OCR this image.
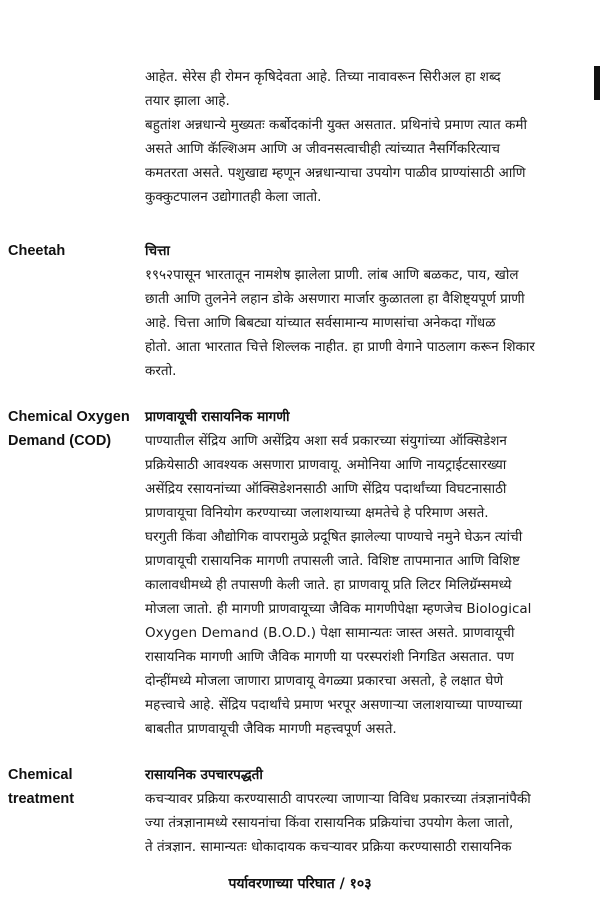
आहेत. सेरेस ही रोमन कृषिदेवता आहे. तिच्या नावावरून सिरीअल हा शब्द
तयार झाला आहे.
बहुतांश अन्नधान्ये मुख्यतः कर्बोदकांनी युक्त असतात. प्रथिनांचे प्रमाण त्यात कमी
असते आणि कॅल्शिअम आणि अ जीवनसत्वाचीही त्यांच्यात नैसर्गिकरित्याच
कमतरता असते. पशुखाद्य म्हणून अन्नधान्याचा उपयोग पाळीव प्राण्यांसाठी आणि
कुक्कुटपालन उद्योगातही केला जातो.
Cheetah	चित्ता
१९५२पासून भारतातून नामशेष झालेला प्राणी. लांब आणि बळकट, पाय, खोल
छाती आणि तुलनेने लहान डोके असणारा मार्जार कुळातला हा वैशिष्ट्यपूर्ण प्राणी
आहे. चित्ता आणि बिबट्या यांच्यात सर्वसामान्य माणसांचा अनेकदा गोंधळ
होतो. आता भारतात चित्ते शिल्लक नाहीत. हा प्राणी वेगाने पाठलाग करून शिकार
करतो.
Chemical Oxygen
Demand (COD)
प्राणवायूची रासायनिक मागणी
पाण्यातील सेंद्रिय आणि असेंद्रिय अशा सर्व प्रकारच्या संयुगांच्या ऑक्सिडेशन
प्रक्रियेसाठी आवश्यक असणारा प्राणवायू. अमोनिया आणि नायट्राईटसारख्या
असेंद्रिय रसायनांच्या ऑक्सिडेशनसाठी आणि सेंद्रिय पदार्थांच्या विघटनासाठी
प्राणवायूचा विनियोग करण्याच्या जलाशयाच्या क्षमतेचे हे परिमाण असते.
घरगुती किंवा औद्योगिक वापरामुळे प्रदूषित झालेल्या पाण्याचे नमुने घेऊन त्यांची
प्राणवायूची रासायनिक मागणी तपासली जाते. विशिष्ट तापमानात आणि विशिष्ट
कालावधीमध्ये ही तपासणी केली जाते. हा प्राणवायू प्रति लिटर मिलिग्रॅम्समध्ये
मोजला जातो. ही मागणी प्राणवायूच्या जैविक मागणीपेक्षा म्हणजेच Biological
Oxygen Demand (B.O.D.) पेक्षा सामान्यतः जास्त असते. प्राणवायूची
रासायनिक मागणी आणि जैविक मागणी या परस्परांशी निगडित असतात. पण
दोन्हींमध्ये मोजला जाणारा प्राणवायू वेगळ्या प्रकारचा असतो, हे लक्षात घेणे
महत्त्वाचे आहे. सेंद्रिय पदार्थांचे प्रमाण भरपूर असणाऱ्या जलाशयाच्या पाण्याच्या
बाबतीत प्राणवायूची जैविक मागणी महत्त्वपूर्ण असते.
Chemical
treatment
रासायनिक उपचारपद्धती
कचऱ्यावर प्रक्रिया करण्यासाठी वापरल्या जाणाऱ्या विविध प्रकारच्या तंत्रज्ञानांपैकी
ज्या तंत्रज्ञानामध्ये रसायनांचा किंवा रासायनिक प्रक्रियांचा उपयोग केला जातो,
ते तंत्रज्ञान. सामान्यतः धोकादायक कचऱ्यावर प्रक्रिया करण्यासाठी रासायनिक
पर्यावरणाच्या परिघात / १०३
